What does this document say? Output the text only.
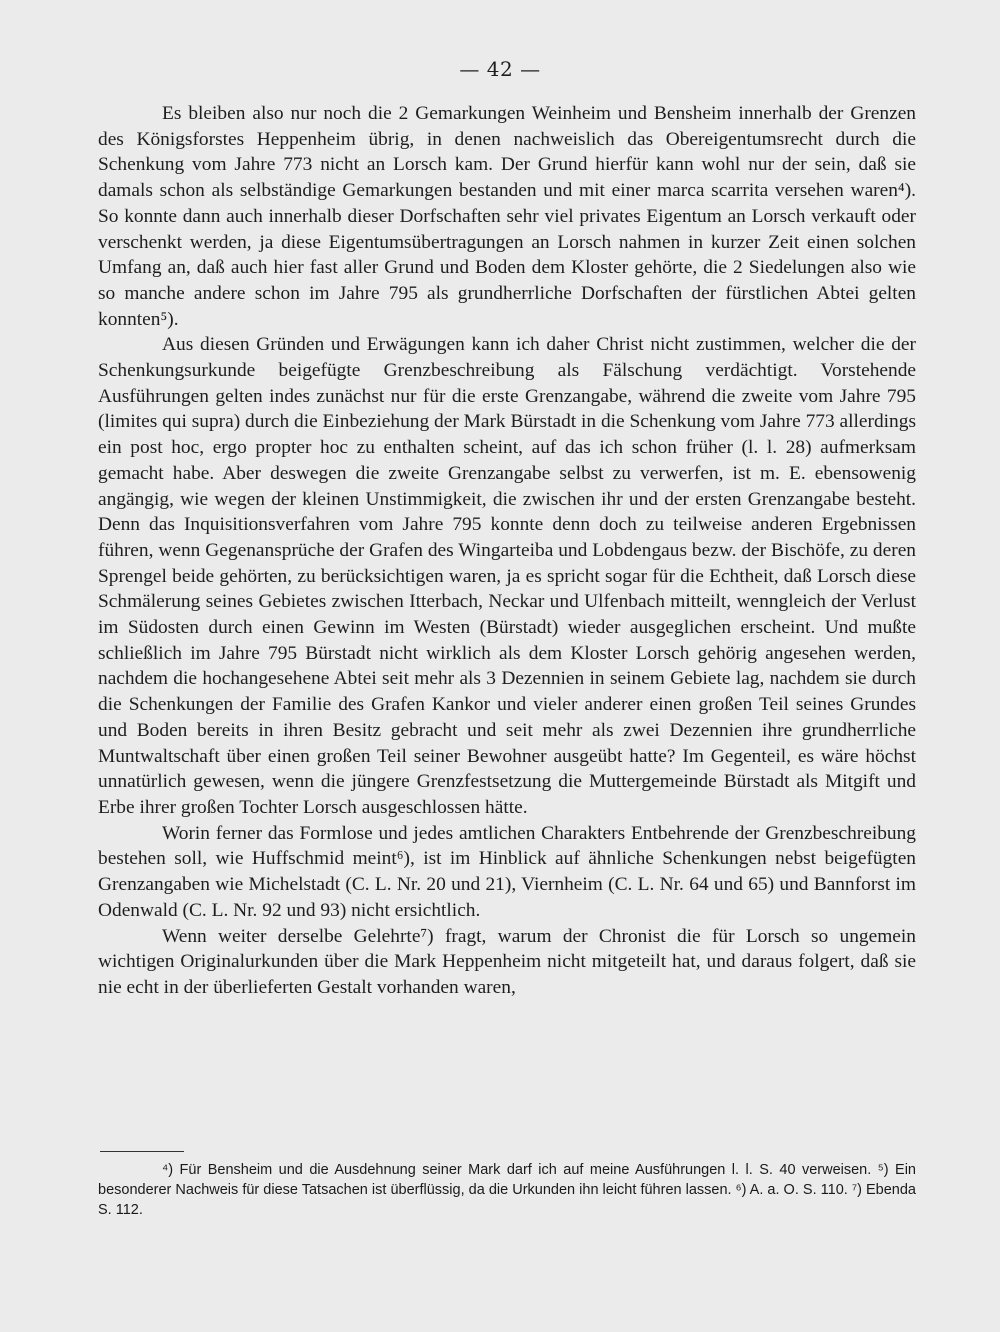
— 42 —

Es bleiben also nur noch die 2 Gemarkungen Weinheim und Bensheim innerhalb der Grenzen des Königsforstes Heppenheim übrig, in denen nachweislich das Obereigentumsrecht durch die Schenkung vom Jahre 773 nicht an Lorsch kam. Der Grund hierfür kann wohl nur der sein, daß sie damals schon als selbständige Gemarkungen bestanden und mit einer marca scarrita versehen waren⁴). So konnte dann auch innerhalb dieser Dorfschaften sehr viel privates Eigentum an Lorsch verkauft oder verschenkt werden, ja diese Eigentumsübertragungen an Lorsch nahmen in kurzer Zeit einen solchen Umfang an, daß auch hier fast aller Grund und Boden dem Kloster gehörte, die 2 Siedelungen also wie so manche andere schon im Jahre 795 als grundherrliche Dorfschaften der fürstlichen Abtei gelten konnten⁵).

Aus diesen Gründen und Erwägungen kann ich daher Christ nicht zustimmen, welcher die der Schenkungsurkunde beigefügte Grenzbeschreibung als Fälschung verdächtigt. Vorstehende Ausführungen gelten indes zunächst nur für die erste Grenzangabe, während die zweite vom Jahre 795 (limites qui supra) durch die Einbeziehung der Mark Bürstadt in die Schenkung vom Jahre 773 allerdings ein post hoc, ergo propter hoc zu enthalten scheint, auf das ich schon früher (l. l. 28) aufmerksam gemacht habe. Aber deswegen die zweite Grenzangabe selbst zu verwerfen, ist m. E. ebensowenig angängig, wie wegen der kleinen Unstimmigkeit, die zwischen ihr und der ersten Grenzangabe besteht. Denn das Inquisitionsverfahren vom Jahre 795 konnte denn doch zu teilweise anderen Ergebnissen führen, wenn Gegenansprüche der Grafen des Wingarteiba und Lobdengaus bezw. der Bischöfe, zu deren Sprengel beide gehörten, zu berücksichtigen waren, ja es spricht sogar für die Echtheit, daß Lorsch diese Schmälerung seines Gebietes zwischen Itterbach, Neckar und Ulfenbach mitteilt, wenngleich der Verlust im Südosten durch einen Gewinn im Westen (Bürstadt) wieder ausgeglichen erscheint. Und mußte schließlich im Jahre 795 Bürstadt nicht wirklich als dem Kloster Lorsch gehörig angesehen werden, nachdem die hochangesehene Abtei seit mehr als 3 Dezennien in seinem Gebiete lag, nachdem sie durch die Schenkungen der Familie des Grafen Kankor und vieler anderer einen großen Teil seines Grundes und Boden bereits in ihren Besitz gebracht und seit mehr als zwei Dezennien ihre grundherrliche Muntwaltschaft über einen großen Teil seiner Bewohner ausgeübt hatte? Im Gegenteil, es wäre höchst unnatürlich gewesen, wenn die jüngere Grenzfestsetzung die Muttergemeinde Bürstadt als Mitgift und Erbe ihrer großen Tochter Lorsch ausgeschlossen hätte.

Worin ferner das Formlose und jedes amtlichen Charakters Entbehrende der Grenzbeschreibung bestehen soll, wie Huffschmid meint⁶), ist im Hinblick auf ähnliche Schenkungen nebst beigefügten Grenzangaben wie Michelstadt (C. L. Nr. 20 und 21), Viernheim (C. L. Nr. 64 und 65) und Bannforst im Odenwald (C. L. Nr. 92 und 93) nicht ersichtlich.

Wenn weiter derselbe Gelehrte⁷) fragt, warum der Chronist die für Lorsch so ungemein wichtigen Originalurkunden über die Mark Heppenheim nicht mitgeteilt hat, und daraus folgert, daß sie nie echt in der überlieferten Gestalt vorhanden waren,

⁴) Für Bensheim und die Ausdehnung seiner Mark darf ich auf meine Ausführungen l. l. S. 40 verweisen. ⁵) Ein besonderer Nachweis für diese Tatsachen ist überflüssig, da die Urkunden ihn leicht führen lassen. ⁶) A. a. O. S. 110. ⁷) Ebenda S. 112.
